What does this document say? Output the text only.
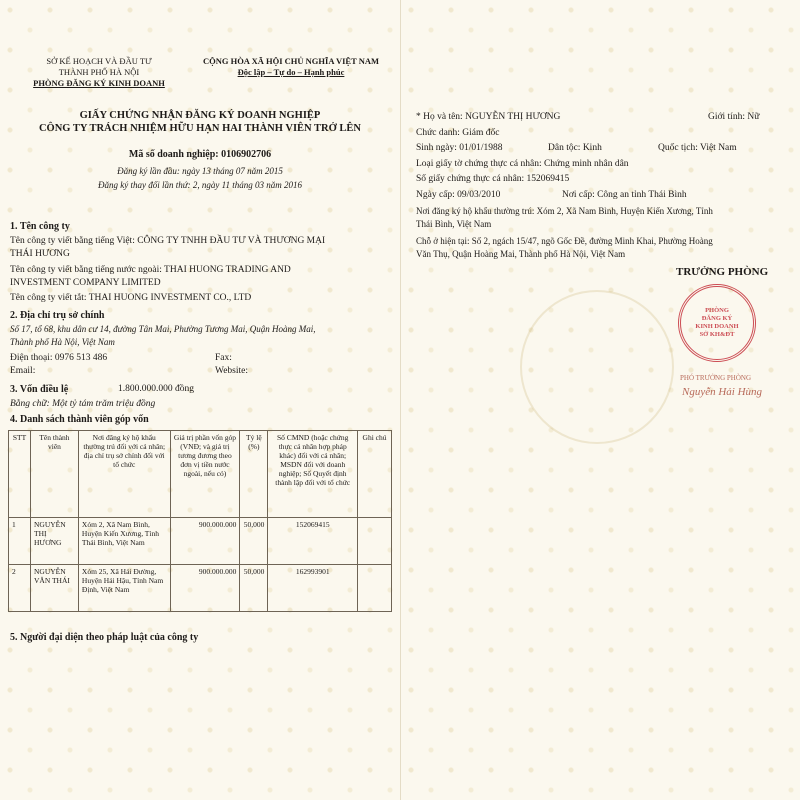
SỞ KẾ HOẠCH VÀ ĐẦU TƯ
THÀNH PHỐ HÀ NỘI
PHÒNG ĐĂNG KÝ KINH DOANH
CỘNG HÒA XÃ HỘI CHỦ NGHĨA VIỆT NAM
Độc lập – Tự do – Hạnh phúc
GIẤY CHỨNG NHẬN ĐĂNG KÝ DOANH NGHIỆP
CÔNG TY TRÁCH NHIỆM HỮU HẠN HAI THÀNH VIÊN TRỞ LÊN
Mã số doanh nghiệp: 0106902706
Đăng ký lần đầu: ngày 13 tháng 07 năm 2015
Đăng ký thay đổi lần thứ: 2, ngày 11 tháng 03 năm 2016
1. Tên công ty
Tên công ty viết bằng tiếng Việt: CÔNG TY TNHH ĐẦU TƯ VÀ THƯƠNG MẠI
THÁI HƯƠNG
Tên công ty viết bằng tiếng nước ngoài: THAI HUONG TRADING AND
INVESTMENT COMPANY LIMITED
Tên công ty viết tắt: THAI HUONG INVESTMENT CO., LTD
2. Địa chỉ trụ sở chính
Số 17, tổ 68, khu dân cư 14, đường Tân Mai, Phường Tương Mai, Quận Hoàng Mai,
Thành phố Hà Nội, Việt Nam
Điện thoại: 0976 513 486	Fax:
Email:	Website:
3. Vốn điều lệ	1.800.000.000 đồng
Bằng chữ: Một tỷ tám trăm triệu đồng
4. Danh sách thành viên góp vốn
STT	Tên thành viên	Nơi đăng ký hộ khẩu thường trú đối với cá nhân; địa chỉ trụ sở chính đối với tổ chức	Giá trị phần vốn góp (VNĐ; và giá trị tương đương theo đơn vị tiền nước ngoài, nếu có)	Tỷ lệ (%)	Số CMND (hoặc chứng thực cá nhân hợp pháp khác) đối với cá nhân; MSDN đối với doanh nghiệp; Số Quyết định thành lập đối với tổ chức	Ghi chú
1	NGUYỄN THỊ HƯƠNG	Xóm 2, Xã Nam Bình, Huyện Kiến Xương, Tỉnh Thái Bình, Việt Nam	900.000.000	50,000	152069415	
2	NGUYỄN VĂN THÁI	Xóm 25, Xã Hải Đường, Huyện Hải Hậu, Tỉnh Nam Định, Việt Nam	900.000.000	50,000	162993901	
5. Người đại diện theo pháp luật của công ty
* Họ và tên: NGUYỄN THỊ HƯƠNG	Giới tính: Nữ
Chức danh: Giám đốc
Sinh ngày: 01/01/1988	Dân tộc: Kinh	Quốc tịch: Việt Nam
Loại giấy tờ chứng thực cá nhân: Chứng minh nhân dân
Số giấy chứng thực cá nhân: 152069415
Ngày cấp: 09/03/2010	Nơi cấp: Công an tỉnh Thái Bình
Nơi đăng ký hộ khẩu thường trú: Xóm 2, Xã Nam Bình, Huyện Kiến Xương, Tỉnh
Thái Bình, Việt Nam
Chỗ ở hiện tại: Số 2, ngách 15/47, ngõ Gốc Đề, đường Minh Khai, Phường Hoàng
Văn Thụ, Quận Hoàng Mai, Thành phố Hà Nội, Việt Nam
TRƯỞNG PHÒNG
PHÒNG
ĐĂNG KÝ
KINH DOANH
SỞ KH&ĐT
PHÓ TRƯỞNG PHÒNG
Nguyễn Hải Hùng
